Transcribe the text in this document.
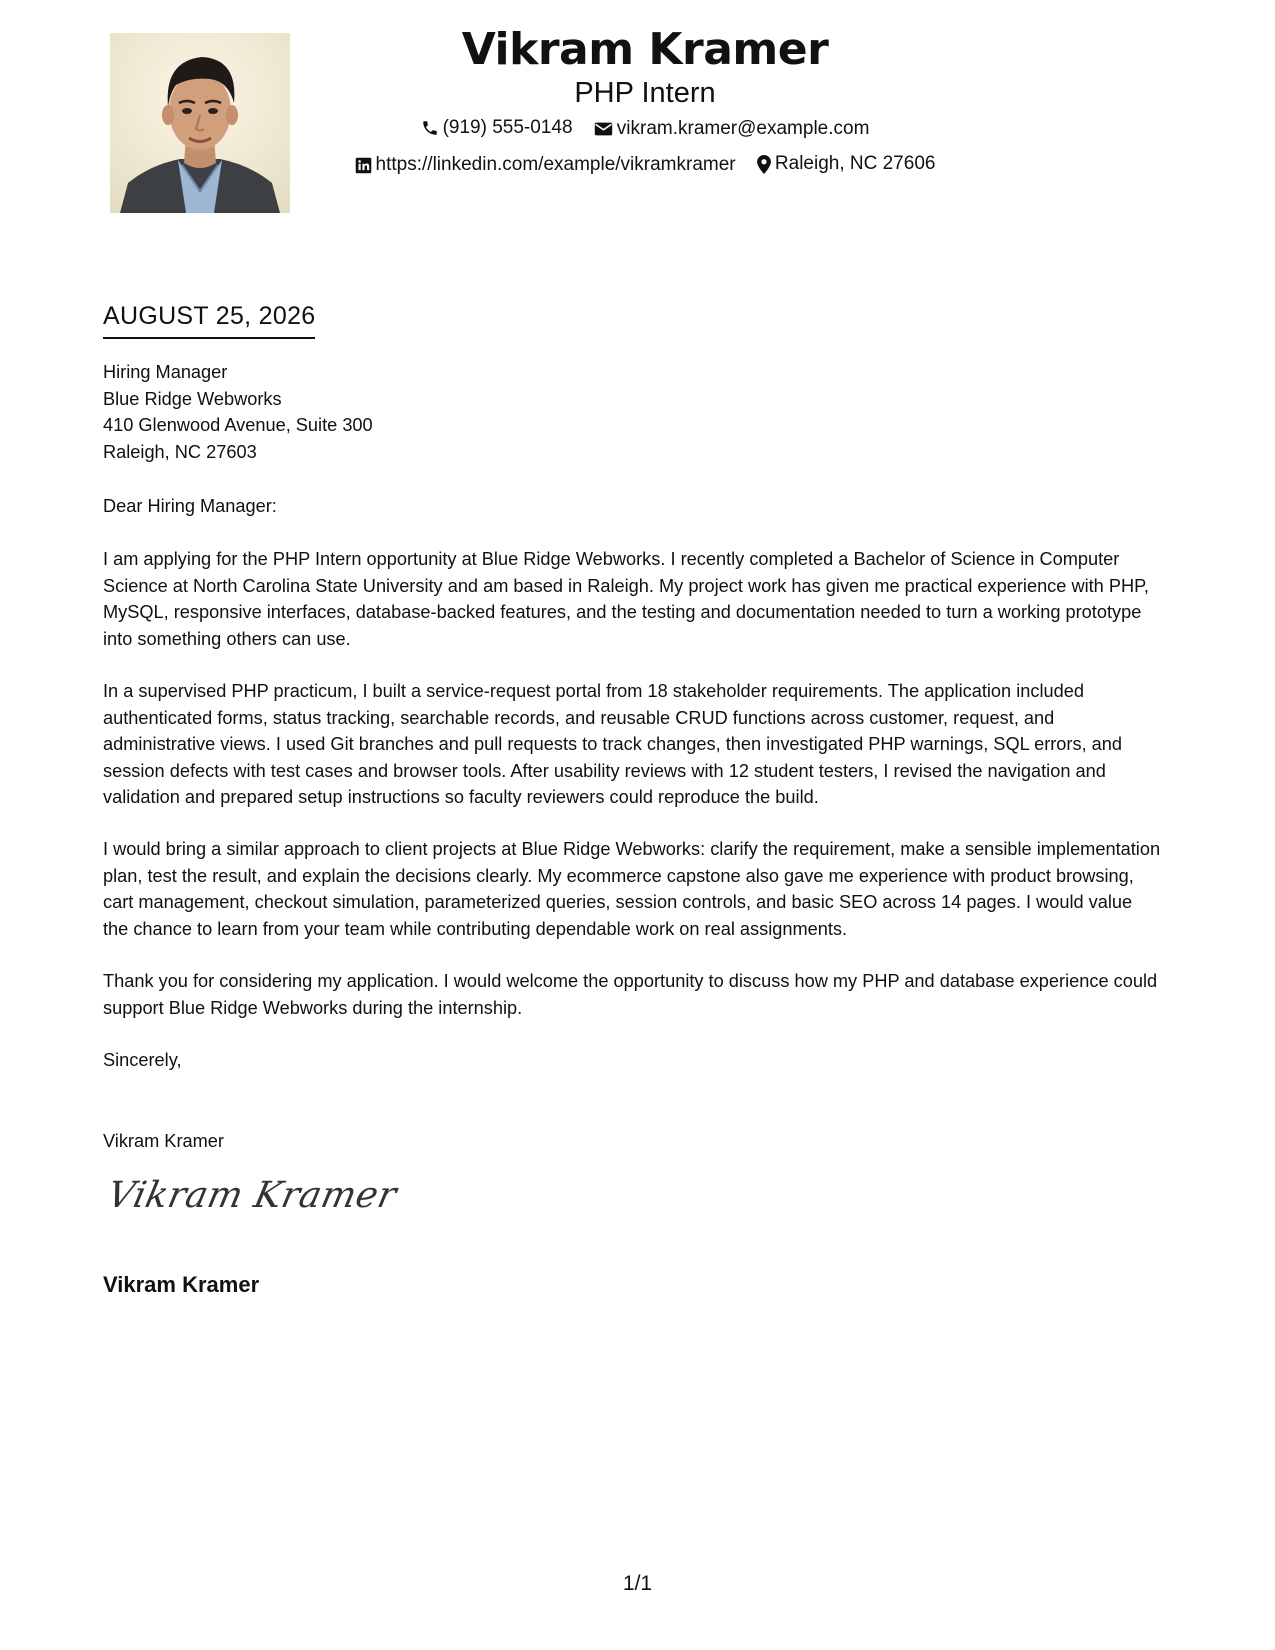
Vikram Kramer
PHP Intern
(919) 555-0148
vikram.kramer@example.com
https://linkedin.com/example/vikramkramer
Raleigh, NC 27606
AUGUST 25, 2026
Hiring Manager
Blue Ridge Webworks
410 Glenwood Avenue, Suite 300
Raleigh, NC 27603
Dear Hiring Manager:
I am applying for the PHP Intern opportunity at Blue Ridge Webworks. I recently completed a Bachelor of Science in Computer Science at North Carolina State University and am based in Raleigh. My project work has given me practical experience with PHP, MySQL, responsive interfaces, database-backed features, and the testing and documentation needed to turn a working prototype into something others can use.
In a supervised PHP practicum, I built a service-request portal from 18 stakeholder requirements. The application included authenticated forms, status tracking, searchable records, and reusable CRUD functions across customer, request, and administrative views. I used Git branches and pull requests to track changes, then investigated PHP warnings, SQL errors, and session defects with test cases and browser tools. After usability reviews with 12 student testers, I revised the navigation and validation and prepared setup instructions so faculty reviewers could reproduce the build.
I would bring a similar approach to client projects at Blue Ridge Webworks: clarify the requirement, make a sensible implementation plan, test the result, and explain the decisions clearly. My ecommerce capstone also gave me experience with product browsing, cart management, checkout simulation, parameterized queries, session controls, and basic SEO across 14 pages. I would value the chance to learn from your team while contributing dependable work on real assignments.
Thank you for considering my application. I would welcome the opportunity to discuss how my PHP and database experience could support Blue Ridge Webworks during the internship.
Sincerely,
Vikram Kramer
Vikram Kramer
Vikram Kramer
1/1
